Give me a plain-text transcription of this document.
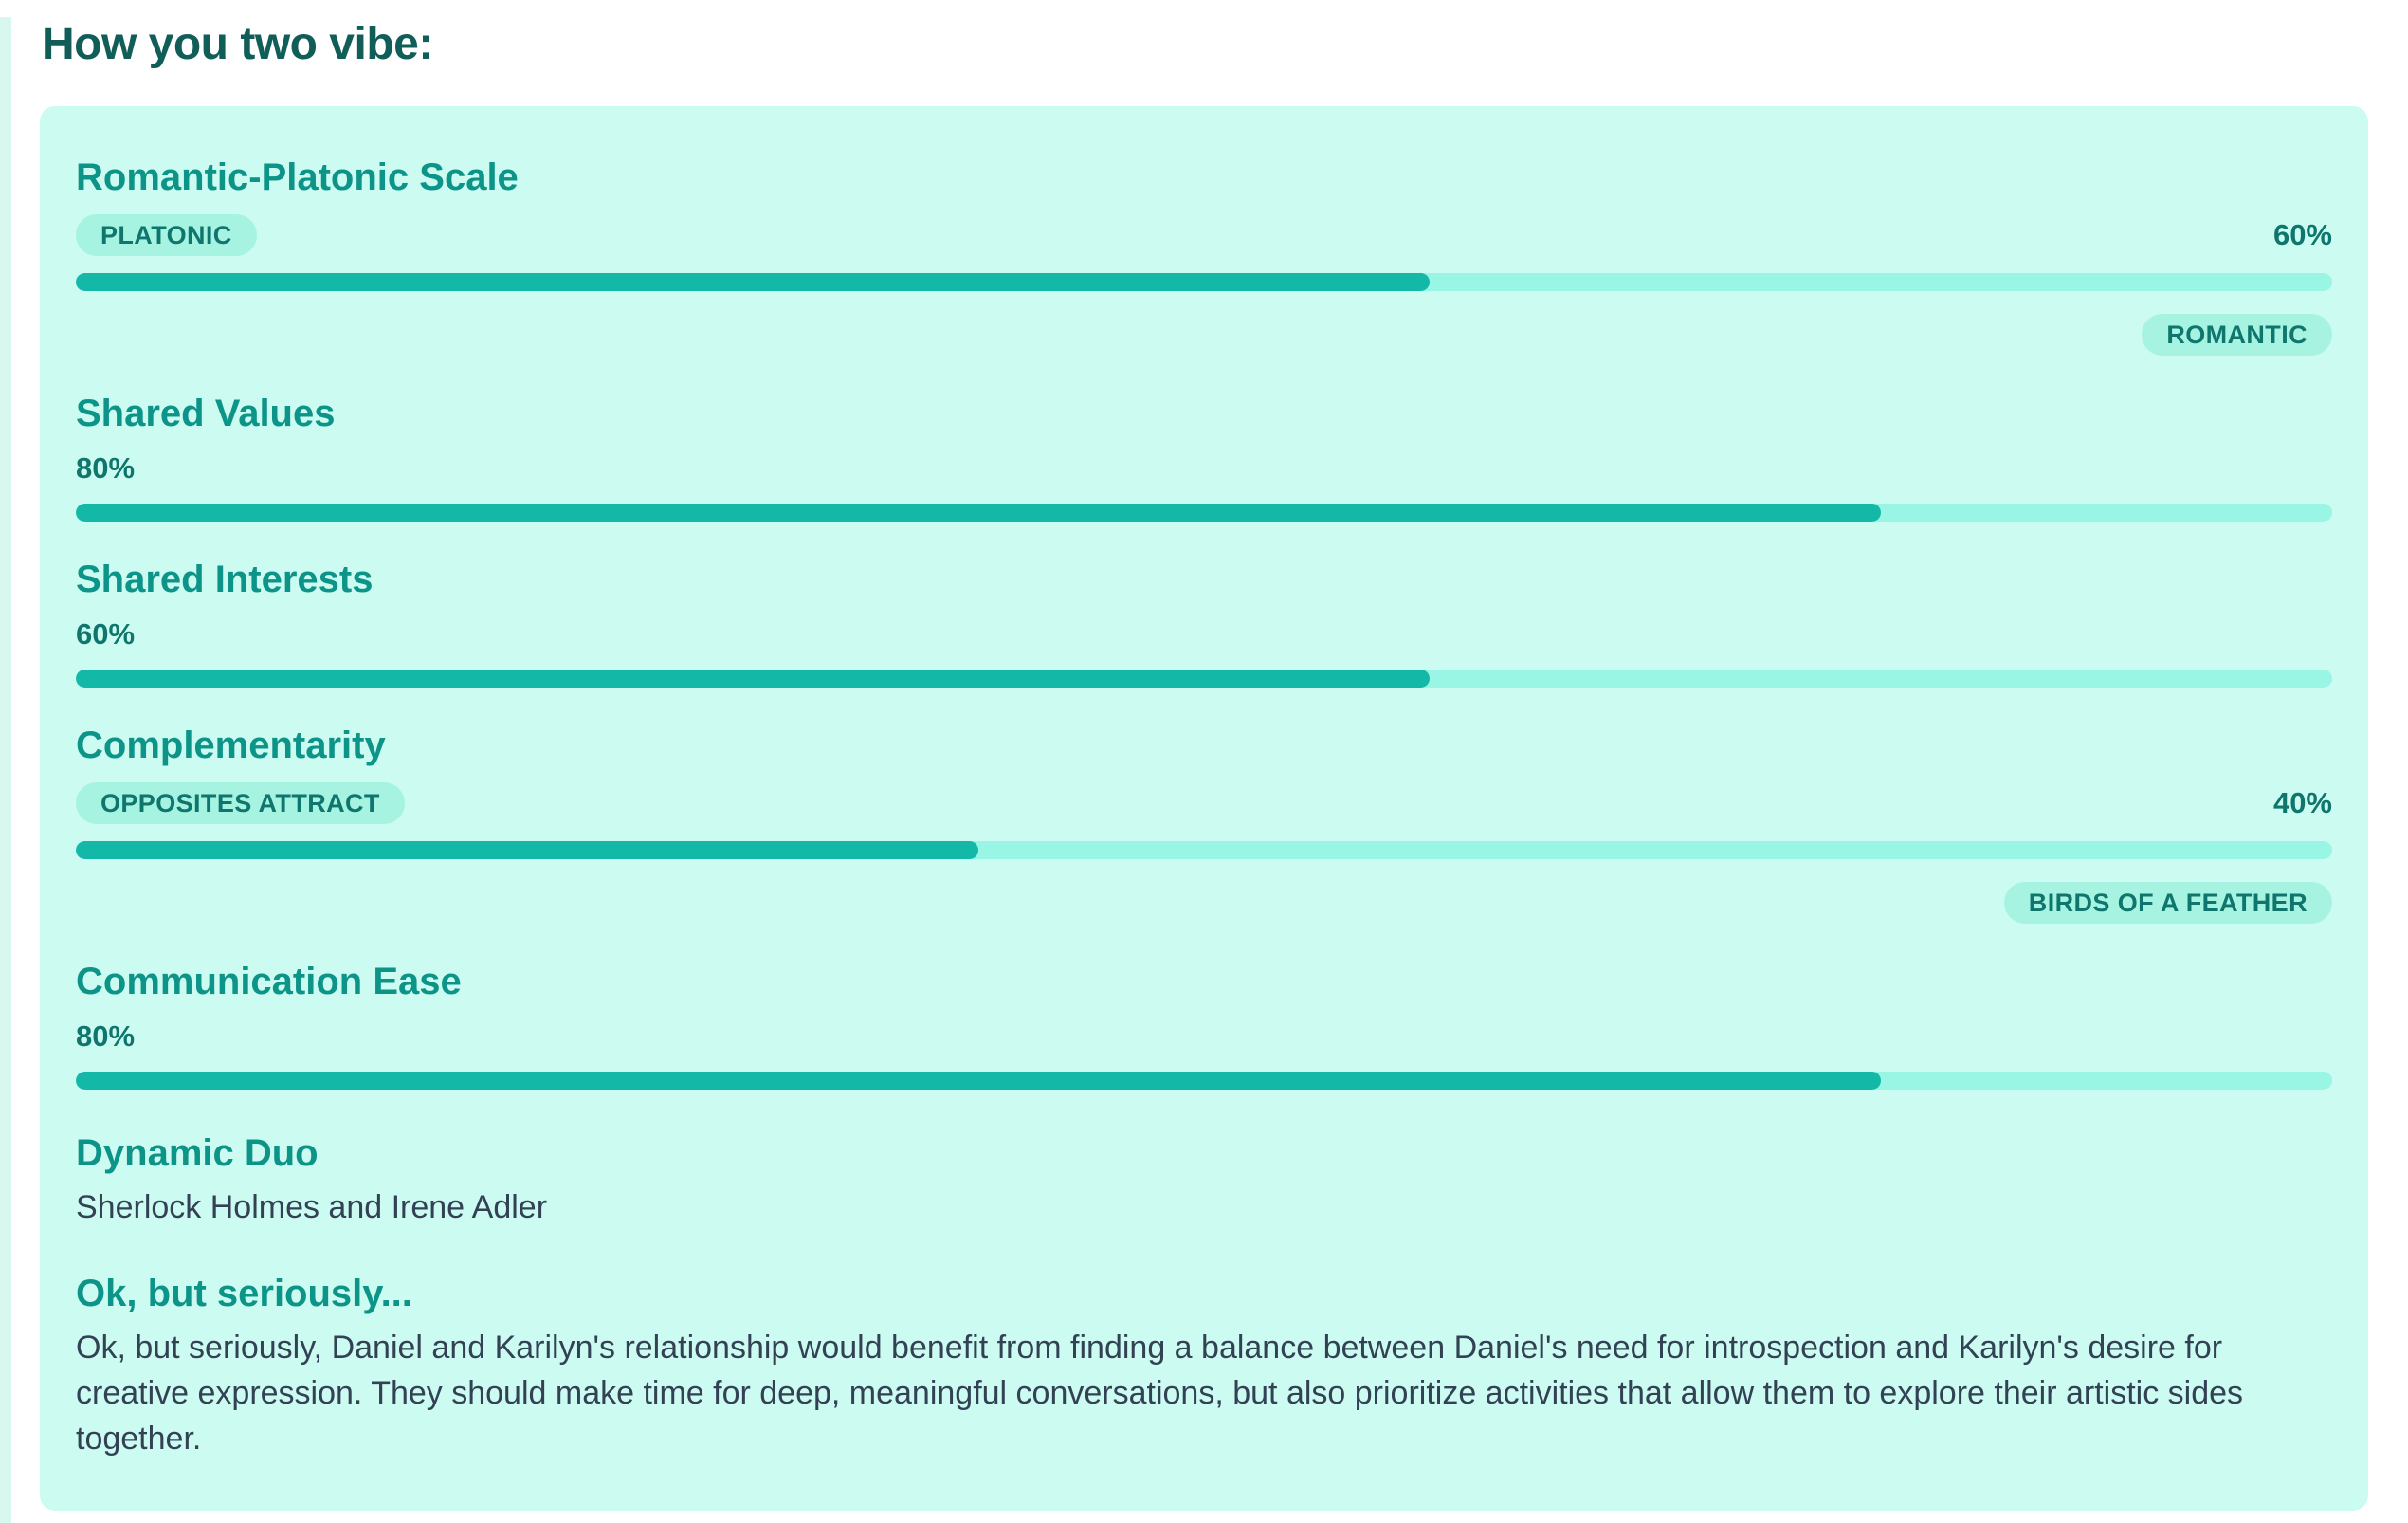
How you two vibe:
Romantic-Platonic Scale
PLATONIC	60%
ROMANTIC
Shared Values
80%
Shared Interests
60%
Complementarity
OPPOSITES ATTRACT	40%
BIRDS OF A FEATHER
Communication Ease
80%
Dynamic Duo

Sherlock Holmes and Irene Adler

Ok, but seriously...

Ok, but seriously, Daniel and Karilyn's relationship would benefit from finding a balance between Daniel's need for introspection and Karilyn's desire for creative expression. They should make time for deep, meaningful conversations, but also prioritize activities that allow them to explore their artistic sides together.
